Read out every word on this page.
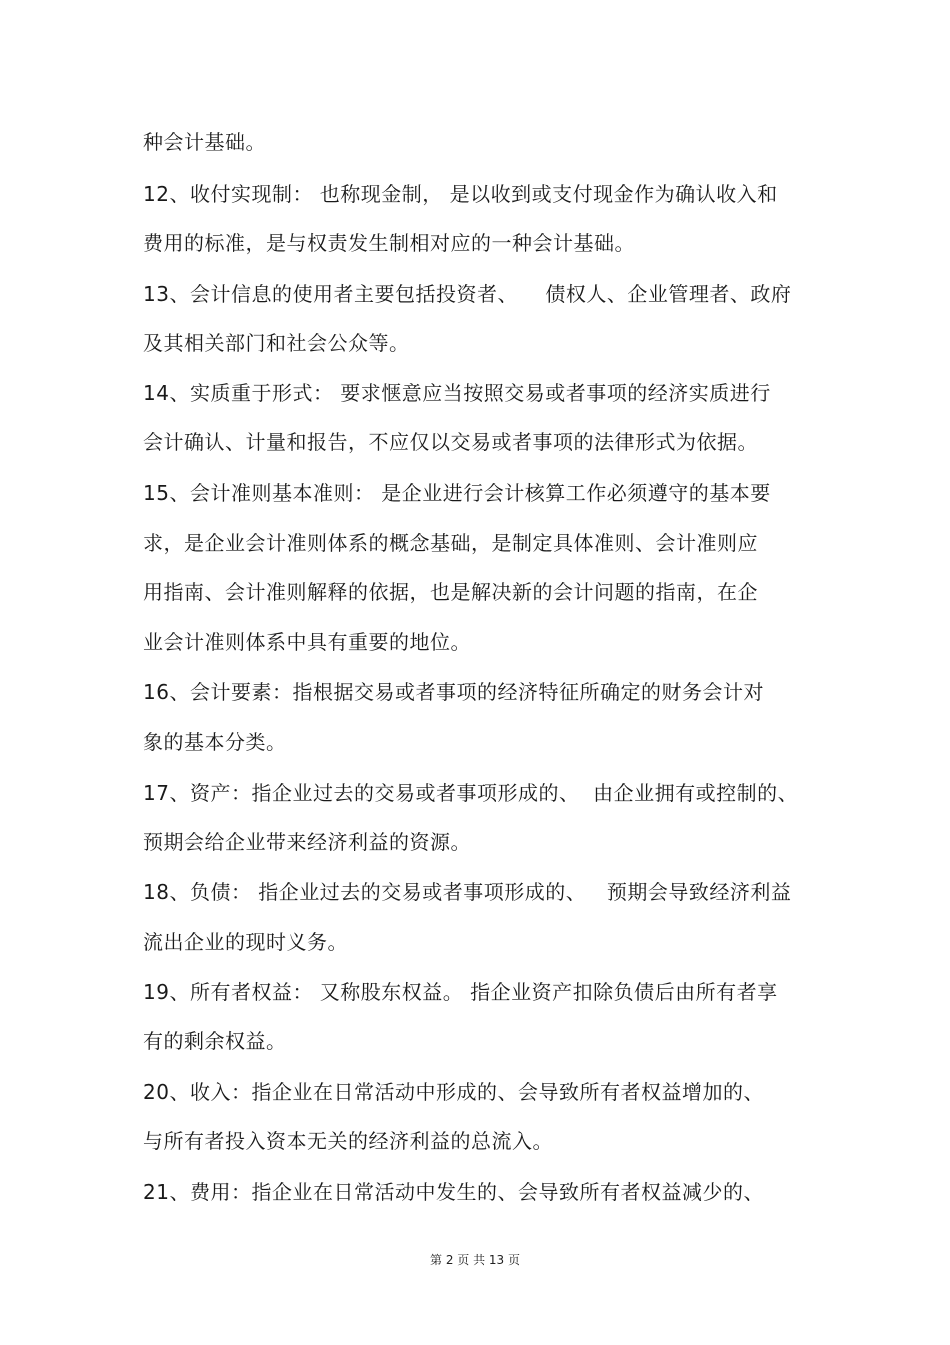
种会计基础。
12、收付实现制： 也称现金制， 是以收到或支付现金作为确认收入和
费用的标准，是与权责发生制相对应的一种会计基础。
13、会计信息的使用者主要包括投资者、    债权人、企业管理者、政府
及其相关部门和社会公众等。
14、实质重于形式： 要求惬意应当按照交易或者事项的经济实质进行
会计确认、计量和报告，不应仅以交易或者事项的法律形式为依据。
15、会计准则基本准则： 是企业进行会计核算工作必须遵守的基本要
求，是企业会计准则体系的概念基础，是制定具体准则、会计准则应
用指南、会计准则解释的依据，也是解决新的会计问题的指南，在企
业会计准则体系中具有重要的地位。
16、会计要素：指根据交易或者事项的经济特征所确定的财务会计对
象的基本分类。
17、资产：指企业过去的交易或者事项形成的、  由企业拥有或控制的、
预期会给企业带来经济利益的资源。
18、负债： 指企业过去的交易或者事项形成的、   预期会导致经济利益
流出企业的现时义务。
19、所有者权益： 又称股东权益。 指企业资产扣除负债后由所有者享
有的剩余权益。
20、收入：指企业在日常活动中形成的、会导致所有者权益增加的、
与所有者投入资本无关的经济利益的总流入。
21、费用：指企业在日常活动中发生的、会导致所有者权益减少的、
第 2 页 共 13 页
